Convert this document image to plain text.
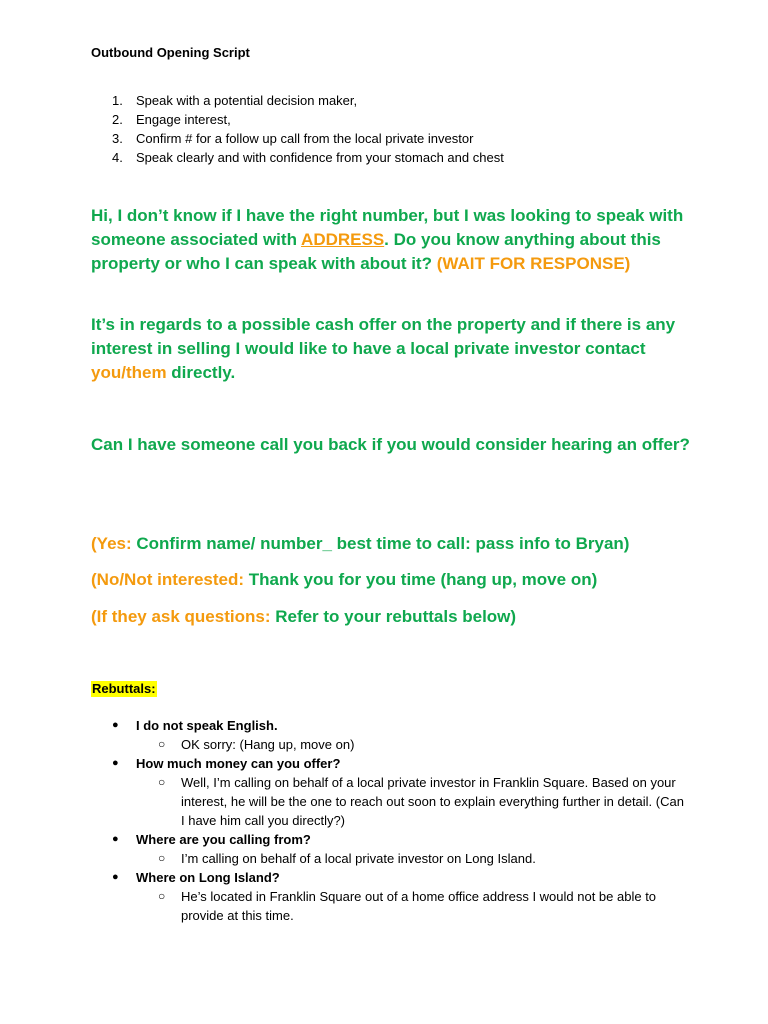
Outbound Opening Script
1. Speak with a potential decision maker,
2. Engage interest,
3. Confirm # for a follow up call from the local private investor
4. Speak clearly and with confidence from your stomach and chest
Hi, I don’t know if I have the right number, but I was looking to speak with someone associated with ADDRESS. Do you know anything about this property or who I can speak with about it? (WAIT FOR RESPONSE)
It’s in regards to a possible cash offer on the property and if there is any interest in selling I would like to have a local private investor contact you/them directly.
Can I have someone call you back if you would consider hearing an offer?
(Yes: Confirm name/ number_ best time to call: pass info to Bryan)
(No/Not interested: Thank you for you time (hang up, move on)
(If they ask questions: Refer to your rebuttals below)
Rebuttals:
● I do not speak English.
○ OK sorry: (Hang up, move on)
● How much money can you offer?
○ Well, I’m calling on behalf of a local private investor in Franklin Square. Based on your interest, he will be the one to reach out soon to explain everything further in detail. (Can I have him call you directly?)
● Where are you calling from?
○ I’m calling on behalf of a local private investor on Long Island.
● Where on Long Island?
○ He’s located in Franklin Square out of a home office address I would not be able to provide at this time.
